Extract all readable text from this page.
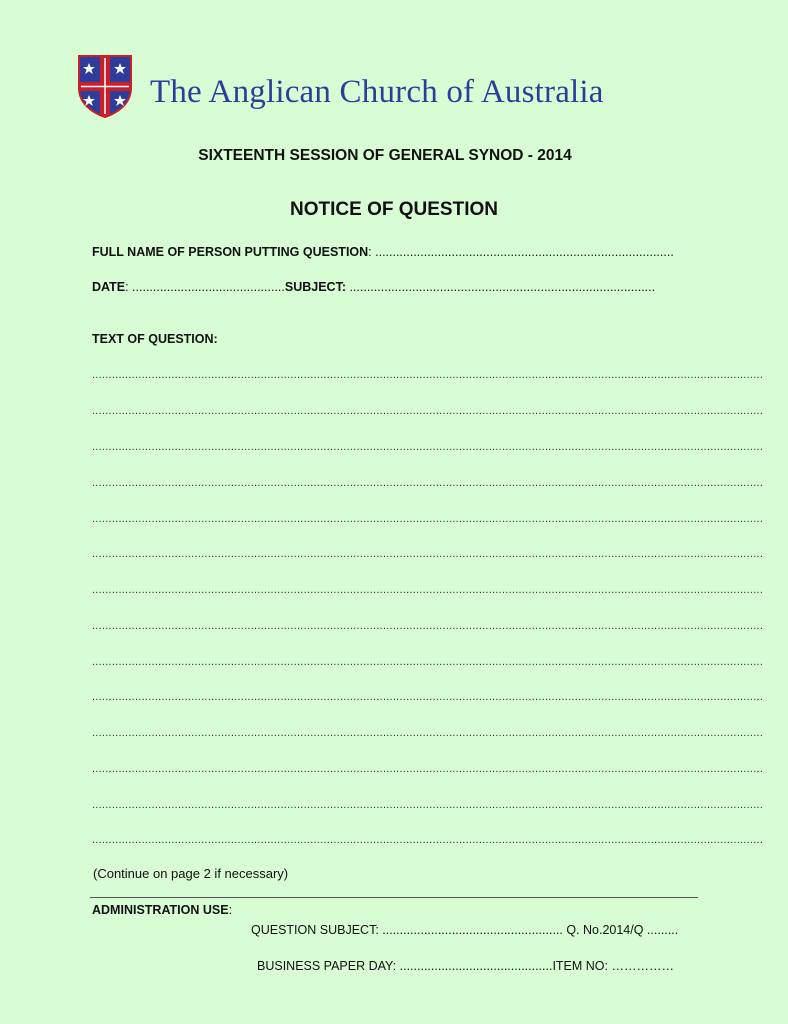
The Anglican Church of Australia
SIXTEENTH SESSION OF GENERAL SYNOD - 2014
NOTICE OF QUESTION
FULL NAME OF PERSON PUTTING QUESTION: ......................................................................................
DATE: ............................................SUBJECT: ........................................................................................
TEXT OF QUESTION:
...........................................................................................................................................................................................................
...........................................................................................................................................................................................................
...........................................................................................................................................................................................................
...........................................................................................................................................................................................................
...........................................................................................................................................................................................................
...........................................................................................................................................................................................................
...........................................................................................................................................................................................................
...........................................................................................................................................................................................................
...........................................................................................................................................................................................................
...........................................................................................................................................................................................................
...........................................................................................................................................................................................................
...........................................................................................................................................................................................................
...........................................................................................................................................................................................................
...........................................................................................................................................................................................................
(Continue on page 2 if necessary)
ADMINISTRATION USE:
QUESTION SUBJECT: .................................................... Q. No.2014/Q .........
BUSINESS PAPER DAY: ............................................ITEM NO: ……………
